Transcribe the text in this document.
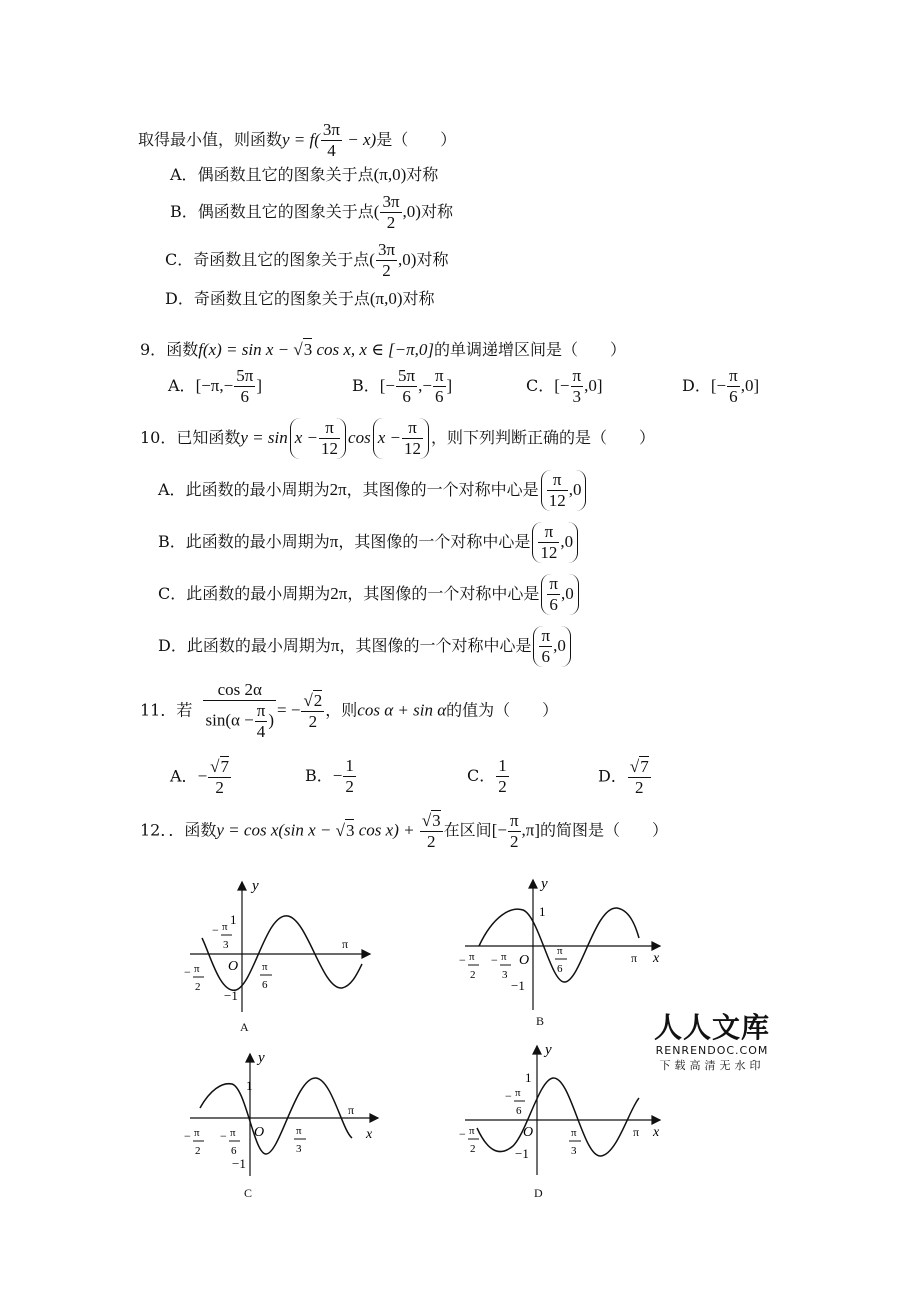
取得最小值，则函数$y = f( \frac{3\pi}{4} - x)$是（　　）
A．偶函数且它的图象关于点(π,0)对称
B．偶函数且它的图象关于点( $\frac{3\pi}{2} ,0$)对称
C．奇函数且它的图象关于点( $\frac{3\pi}{2} ,0$)对称
D．奇函数且它的图象关于点(π,0)对称
9．函数f(x) = sin x − √3 cos x, x ∈ [−π,0]的单调递增区间是（　　）
A．[$-\pi,- \frac{5\pi}{6}$ ]	B．[− $\frac{5\pi}{6}$ ,− $\frac{\pi}{6}$ ]	C．[− $\frac{\pi}{3} ,0$]	D．[− $\frac{\pi}{6} ,0$]
10．已知函数$y = \sin x - \frac{\pi}{12}$ $\cos x - \frac{\pi}{12}$ ，则下列判断正确的是（　　）
A．此函数的最小周期为2π，其图像的一个对称中心是 $\frac{\pi}{12} ,0$
B．此函数的最小周期为π，其图像的一个对称中心是 $\frac{\pi}{12} ,0$
C．此函数的最小周期为2π，其图像的一个对称中心是 $\frac{\pi}{6} ,0$
D．此函数的最小周期为π，其图像的一个对称中心是 $\frac{\pi}{6} ,0$
11．若 $\frac{\cos 2\alpha}{\sin(\alpha - \frac{\pi}{4} )}$ = − $\frac{√2}{2}$ ，则cos α + sin α的值为（　　）
A．− $\frac{√7}{2}$	B．− $\frac{1}{2}$	C． $\frac{1}{2}$	D． $\frac{√7}{2}$
12．．函数y = cos x(sin x − √3 $\cos x) + \frac{√3}{2}$ 在区间[− $\frac{\pi}{2} ,\pi$]的简图是（　　）
y
1
−1
O
π
− π
3
− π
2
π
6
A
y
1
−1
O	π x
− π
2
− π
3
π
6
B
y
1
−1
O
π
x
− π
2
− π
6
π
3
C
y
1
−1
O	π x
− π
2
− π
6
π
3
D
人人文库
RENRENDOC.COM
下载高清无水印
